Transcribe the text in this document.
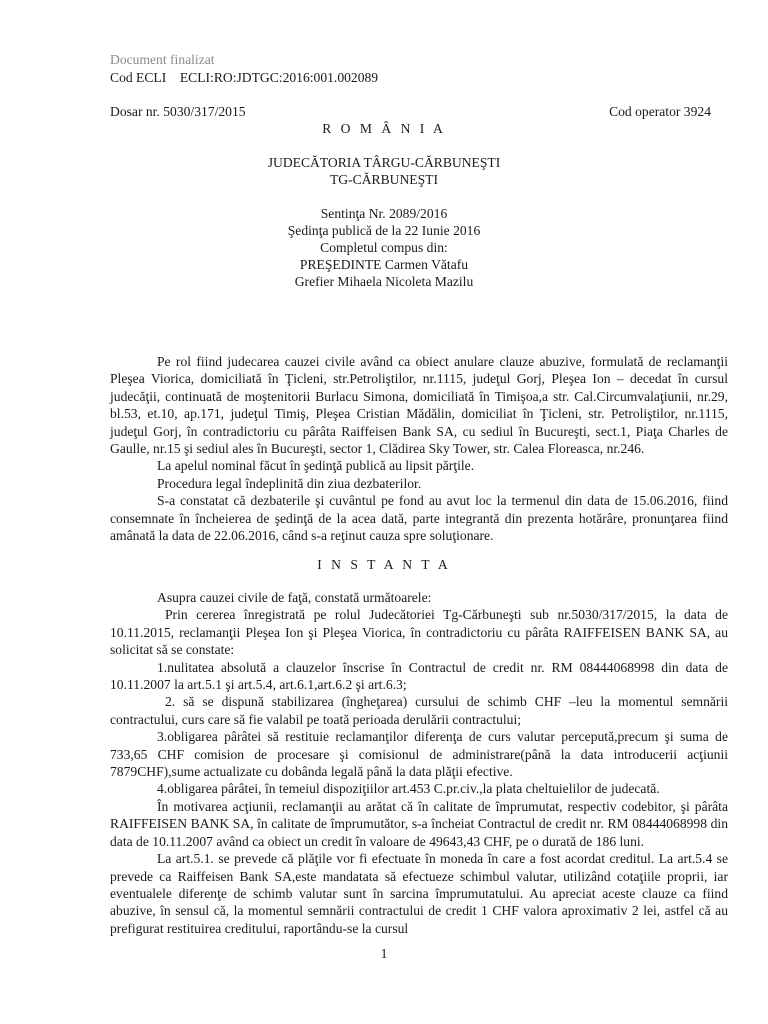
Document finalizat
Cod ECLI ECLI:RO:JDTGC:2016:001.002089
Dosar nr. 5030/317/2015	Cod operator 3924
R O M Â N I A
JUDECĂTORIA TÂRGU-CĂRBUNEŞTI
TG-CĂRBUNEŞTI
Sentinţa Nr. 2089/2016
Şedinţa publică de la 22 Iunie 2016
Completul compus din:
PREŞEDINTE Carmen Vătafu
Grefier Mihaela Nicoleta Mazilu

Pe rol fiind judecarea cauzei civile având ca obiect anulare clauze abuzive, formulată de reclamanţii Pleşea Viorica, domiciliată în Ţicleni, str.Petroliştilor, nr.1115, judeţul Gorj, Pleşea Ion – decedat în cursul judecăţii, continuată de moştenitorii Burlacu Simona, domiciliată în Timişoa,a str. Cal.Circumvalaţiunii, nr.29, bl.53, et.10, ap.171, judeţul Timiş, Pleşea Cristian Mădălin, domiciliat în Ţicleni, str. Petroliştilor, nr.1115, judeţul Gorj, în contradictoriu cu pârâta Raiffeisen Bank SA, cu sediul în Bucureşti, sect.1, Piaţa Charles de Gaulle, nr.15 şi sediul ales în Bucureşti, sector 1, Clădirea Sky Tower, str. Calea Floreasca, nr.246.

La apelul nominal făcut în şedinţă publică au lipsit părţile.

Procedura legal îndeplinită din ziua dezbaterilor.

S-a constatat că dezbaterile şi cuvântul pe fond au avut loc la termenul din data de 15.06.2016, fiind consemnate în încheierea de şedinţă de la acea dată, parte integrantă din prezenta hotărâre, pronunţarea fiind amânată la data de 22.06.2016, când s-a reţinut cauza spre soluţionare.

I N S T A N T A

Asupra cauzei civile de faţă, constată următoarele:

Prin cererea înregistrată pe rolul Judecătoriei Tg-Cărbuneşti sub nr.5030/317/2015, la data de 10.11.2015, reclamanţii Pleşea Ion şi Pleşea Viorica, în contradictoriu cu pârâta RAIFFEISEN BANK SA, au solicitat să se constate:

1.nulitatea absolută a clauzelor înscrise în Contractul de credit nr. RM 08444068998 din data de 10.11.2007 la art.5.1 şi art.5.4, art.6.1,art.6.2 şi art.6.3;

2. să se dispună stabilizarea (îngheţarea) cursului de schimb CHF –leu la momentul semnării contractului, curs care să fie valabil pe toată perioada derulării contractului;

3.obligarea pârâtei să restituie reclamanţilor diferenţa de curs valutar percepută,precum şi suma de 733,65 CHF comision de procesare şi comisionul de administrare(până la data introducerii acţiunii 7879CHF),sume actualizate cu dobânda legală până la data plăţii efective.

4.obligarea pârâtei, în temeiul dispoziţiilor art.453 C.pr.civ.,la plata cheltuielilor de judecată.

În motivarea acţiunii, reclamanţii au arătat că în calitate de împrumutat, respectiv codebitor, şi pârâta RAIFFEISEN BANK SA, în calitate de împrumutător, s-a încheiat Contractul de credit nr. RM 08444068998 din data de 10.11.2007 având ca obiect un credit în valoare de 49643,43 CHF, pe o durată de 186 luni.

La art.5.1. se prevede că plăţile vor fi efectuate în moneda în care a fost acordat creditul. La art.5.4 se prevede ca Raiffeisen Bank SA,este mandatata să efectueze schimbul valutar, utilizând cotaţiile proprii, iar eventualele diferenţe de schimb valutar sunt în sarcina împrumutatului. Au apreciat aceste clauze ca fiind abuzive, în sensul că, la momentul semnării contractului de credit 1 CHF valora aproximativ 2 lei, astfel că au prefigurat restituirea creditului, raportându-se la cursul

1
